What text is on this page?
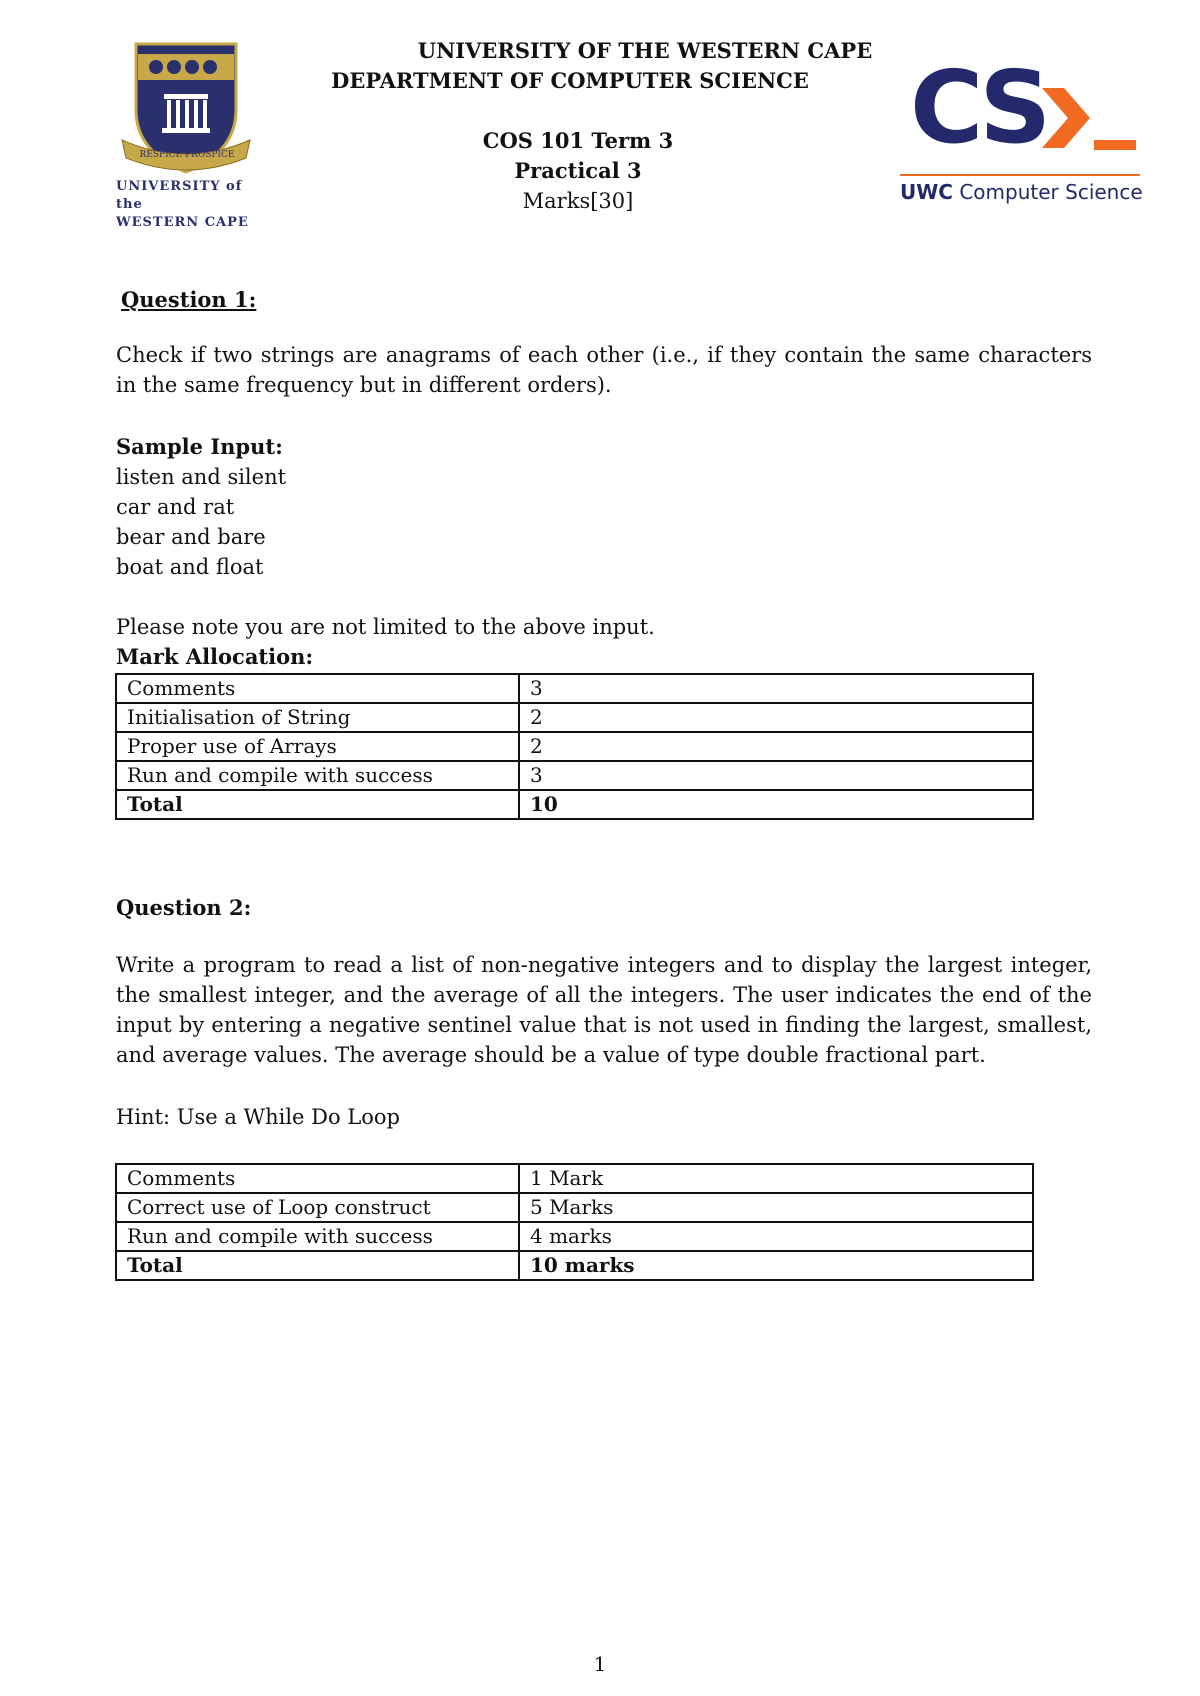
RESPICE PROSPICE
UNIVERSITY of the
WESTERN CAPE
CS
UWC Computer Science
UNIVERSITY OF THE WESTERN CAPE
DEPARTMENT OF COMPUTER SCIENCE
COS 101 Term 3
Practical 3
Marks[30]
Question 1:
Check if two strings are anagrams of each other (i.e., if they contain the same characters in the same frequency but in different orders).
Sample Input:
listen and silent
car and rat
bear and bare
boat and float
Please note you are not limited to the above input.
Mark Allocation:
Comments	3
Initialisation of String	2
Proper use of Arrays	2
Run and compile with success	3
Total	10
Question 2:
Write a program to read a list of non-negative integers and to display the largest integer, the smallest integer, and the average of all the integers. The user indicates the end of the input by entering a negative sentinel value that is not used in finding the largest, smallest, and average values. The average should be a value of type double fractional part.
Hint: Use a While Do Loop
Comments	1 Mark
Correct use of Loop construct	5 Marks
Run and compile with success	4 marks
Total	10 marks
1
